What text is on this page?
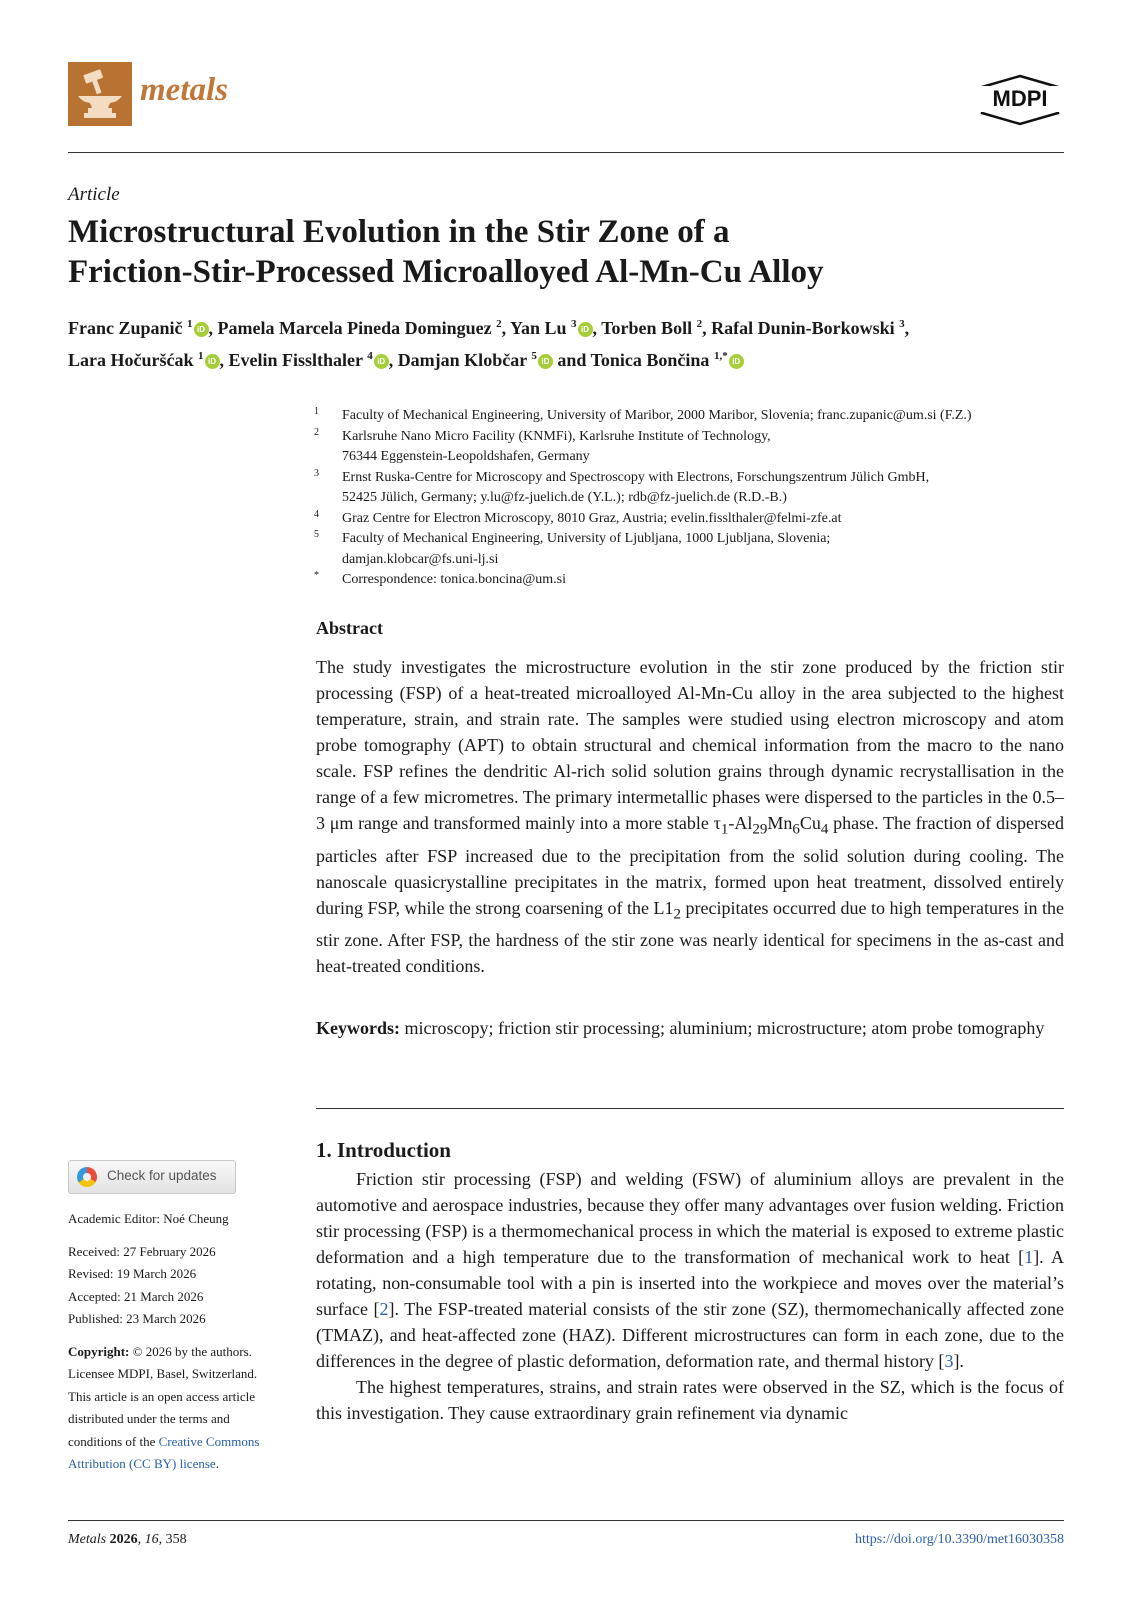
metals	MDPI
Article
Microstructural Evolution in the Stir Zone of a
Friction-Stir-Processed Microalloyed Al-Mn-Cu Alloy
Franc Zupanič $^1$ iD , Pamela Marcela Pineda Dominguez $^2$, Yan Lu $^3$ iD , Torben Boll $^2$, Rafal Dunin-Borkowski $^3$,
Lara Hočuršćak $^1$ iD , Evelin Fisslthaler $^4$ iD , Damjan Klobčar $^5$ iD and Tonica Bončina $^{1,*}$ iD
1 Faculty of Mechanical Engineering, University of Maribor, 2000 Maribor, Slovenia; franc.zupanic@um.si (F.Z.)
2 Karlsruhe Nano Micro Facility (KNMFi), Karlsruhe Institute of Technology,
76344 Eggenstein-Leopoldshafen, Germany
3 Ernst Ruska-Centre for Microscopy and Spectroscopy with Electrons, Forschungszentrum Jülich GmbH,
52425 Jülich, Germany; y.lu@fz-juelich.de (Y.L.); rdb@fz-juelich.de (R.D.-B.)
4 Graz Centre for Electron Microscopy, 8010 Graz, Austria; evelin.fisslthaler@felmi-zfe.at
5 Faculty of Mechanical Engineering, University of Ljubljana, 1000 Ljubljana, Slovenia;
damjan.klobcar@fs.uni-lj.si
* Correspondence: tonica.boncina@um.si
Abstract
The study investigates the microstructure evolution in the stir zone produced by the friction stir processing (FSP) of a heat-treated microalloyed Al-Mn-Cu alloy in the area subjected to the highest temperature, strain, and strain rate. The samples were studied using electron microscopy and atom probe tomography (APT) to obtain structural and chemical information from the macro to the nano scale. FSP refines the dendritic Al-rich solid solution grains through dynamic recrystallisation in the range of a few micrometres. The primary intermetallic phases were dispersed to the particles in the 0.5–3 μm range and transformed mainly into a more stable $\tau_1-Al_{29}Mn_6Cu_4$ phase. The fraction of dispersed particles after FSP increased due to the precipitation from the solid solution during cooling. The nanoscale quasicrystalline precipitates in the matrix, formed upon heat treatment, dissolved entirely during FSP, while the strong coarsening of the $L1_2$ precipitates occurred due to high temperatures in the stir zone. After FSP, the hardness of the stir zone was nearly identical for specimens in the as-cast and heat-treated conditions.
Keywords: microscopy; friction stir processing; aluminium; microstructure; atom probe tomography
1. Introduction

Friction stir processing (FSP) and welding (FSW) of aluminium alloys are prevalent in the automotive and aerospace industries, because they offer many advantages over fusion welding. Friction stir processing (FSP) is a thermomechanical process in which the material is exposed to extreme plastic deformation and a high temperature due to the transformation of mechanical work to heat [1]. A rotating, non-consumable tool with a pin is inserted into the workpiece and moves over the material’s surface [2]. The FSP-treated material consists of the stir zone (SZ), thermomechanically affected zone (TMAZ), and heat-affected zone (HAZ). Different microstructures can form in each zone, due to the differences in the degree of plastic deformation, deformation rate, and thermal history [3].

The highest temperatures, strains, and strain rates were observed in the SZ, which is the focus of this investigation. They cause extraordinary grain refinement via dynamic

Check for updates
Academic Editor: Noé Cheung
Received: 27 February 2026
Revised: 19 March 2026
Accepted: 21 March 2026
Published: 23 March 2026
Copyright: © 2026 by the authors.
Licensee MDPI, Basel, Switzerland.
This article is an open access article
distributed under the terms and
conditions of the Creative Commons
Attribution (CC BY) license.
Metals 2026, 16, 358	https://doi.org/10.3390/met16030358
